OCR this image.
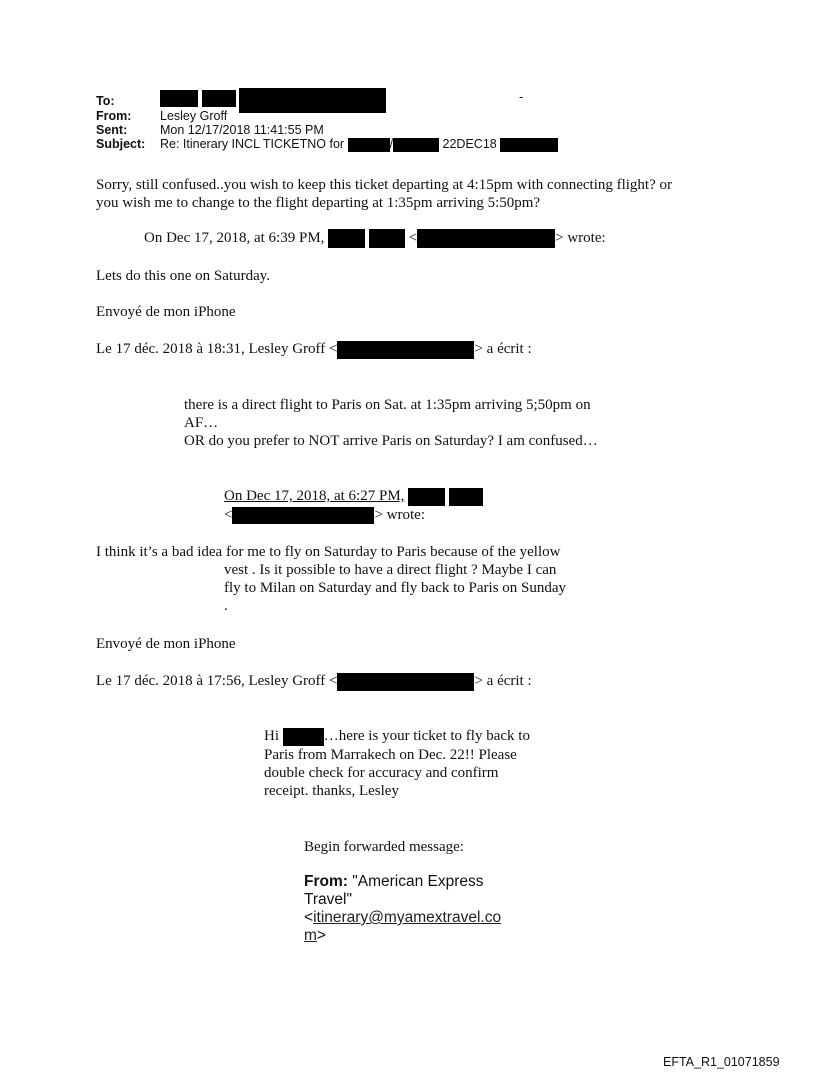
To:	-
From: Lesley Groff
Sent:	Mon 12/17/2018 11:41:55 PM
Subject: Re: Itinerary INCL TICKETNO for	/	22DEC18
Sorry, still confused..you wish to keep this ticket departing at 4:15pm with connecting flight? or
you wish me to change to the flight departing at 1:35pm arriving 5:50pm?
On Dec 17, 2018, at 6:39 PM,	<	> wrote:
Lets do this one on Saturday.
Envoyé de mon iPhone
Le 17 déc. 2018 à 18:31, Lesley Groff <	> a écrit :
there is a direct flight to Paris on Sat. at 1:35pm arriving 5;50pm on
AF…
OR do you prefer to NOT arrive Paris on Saturday? I am confused…
On Dec 17, 2018, at 6:27 PM,
<	> wrote:
I think it’s a bad idea for me to fly on Saturday to Paris because of the yellow
vest . Is it possible to have a direct flight ? Maybe I can
fly to Milan on Saturday and fly back to Paris on Sunday
.
Envoyé de mon iPhone
Le 17 déc. 2018 à 17:56, Lesley Groff <	> a écrit :
Hi	…here is your ticket to fly back to
Paris from Marrakech on Dec. 22!! Please
double check for accuracy and confirm
receipt. thanks, Lesley
Begin forwarded message:
From: "American Express
Travel"
<itinerary@myamextravel.co
m>
EFTA_R1_01071859
